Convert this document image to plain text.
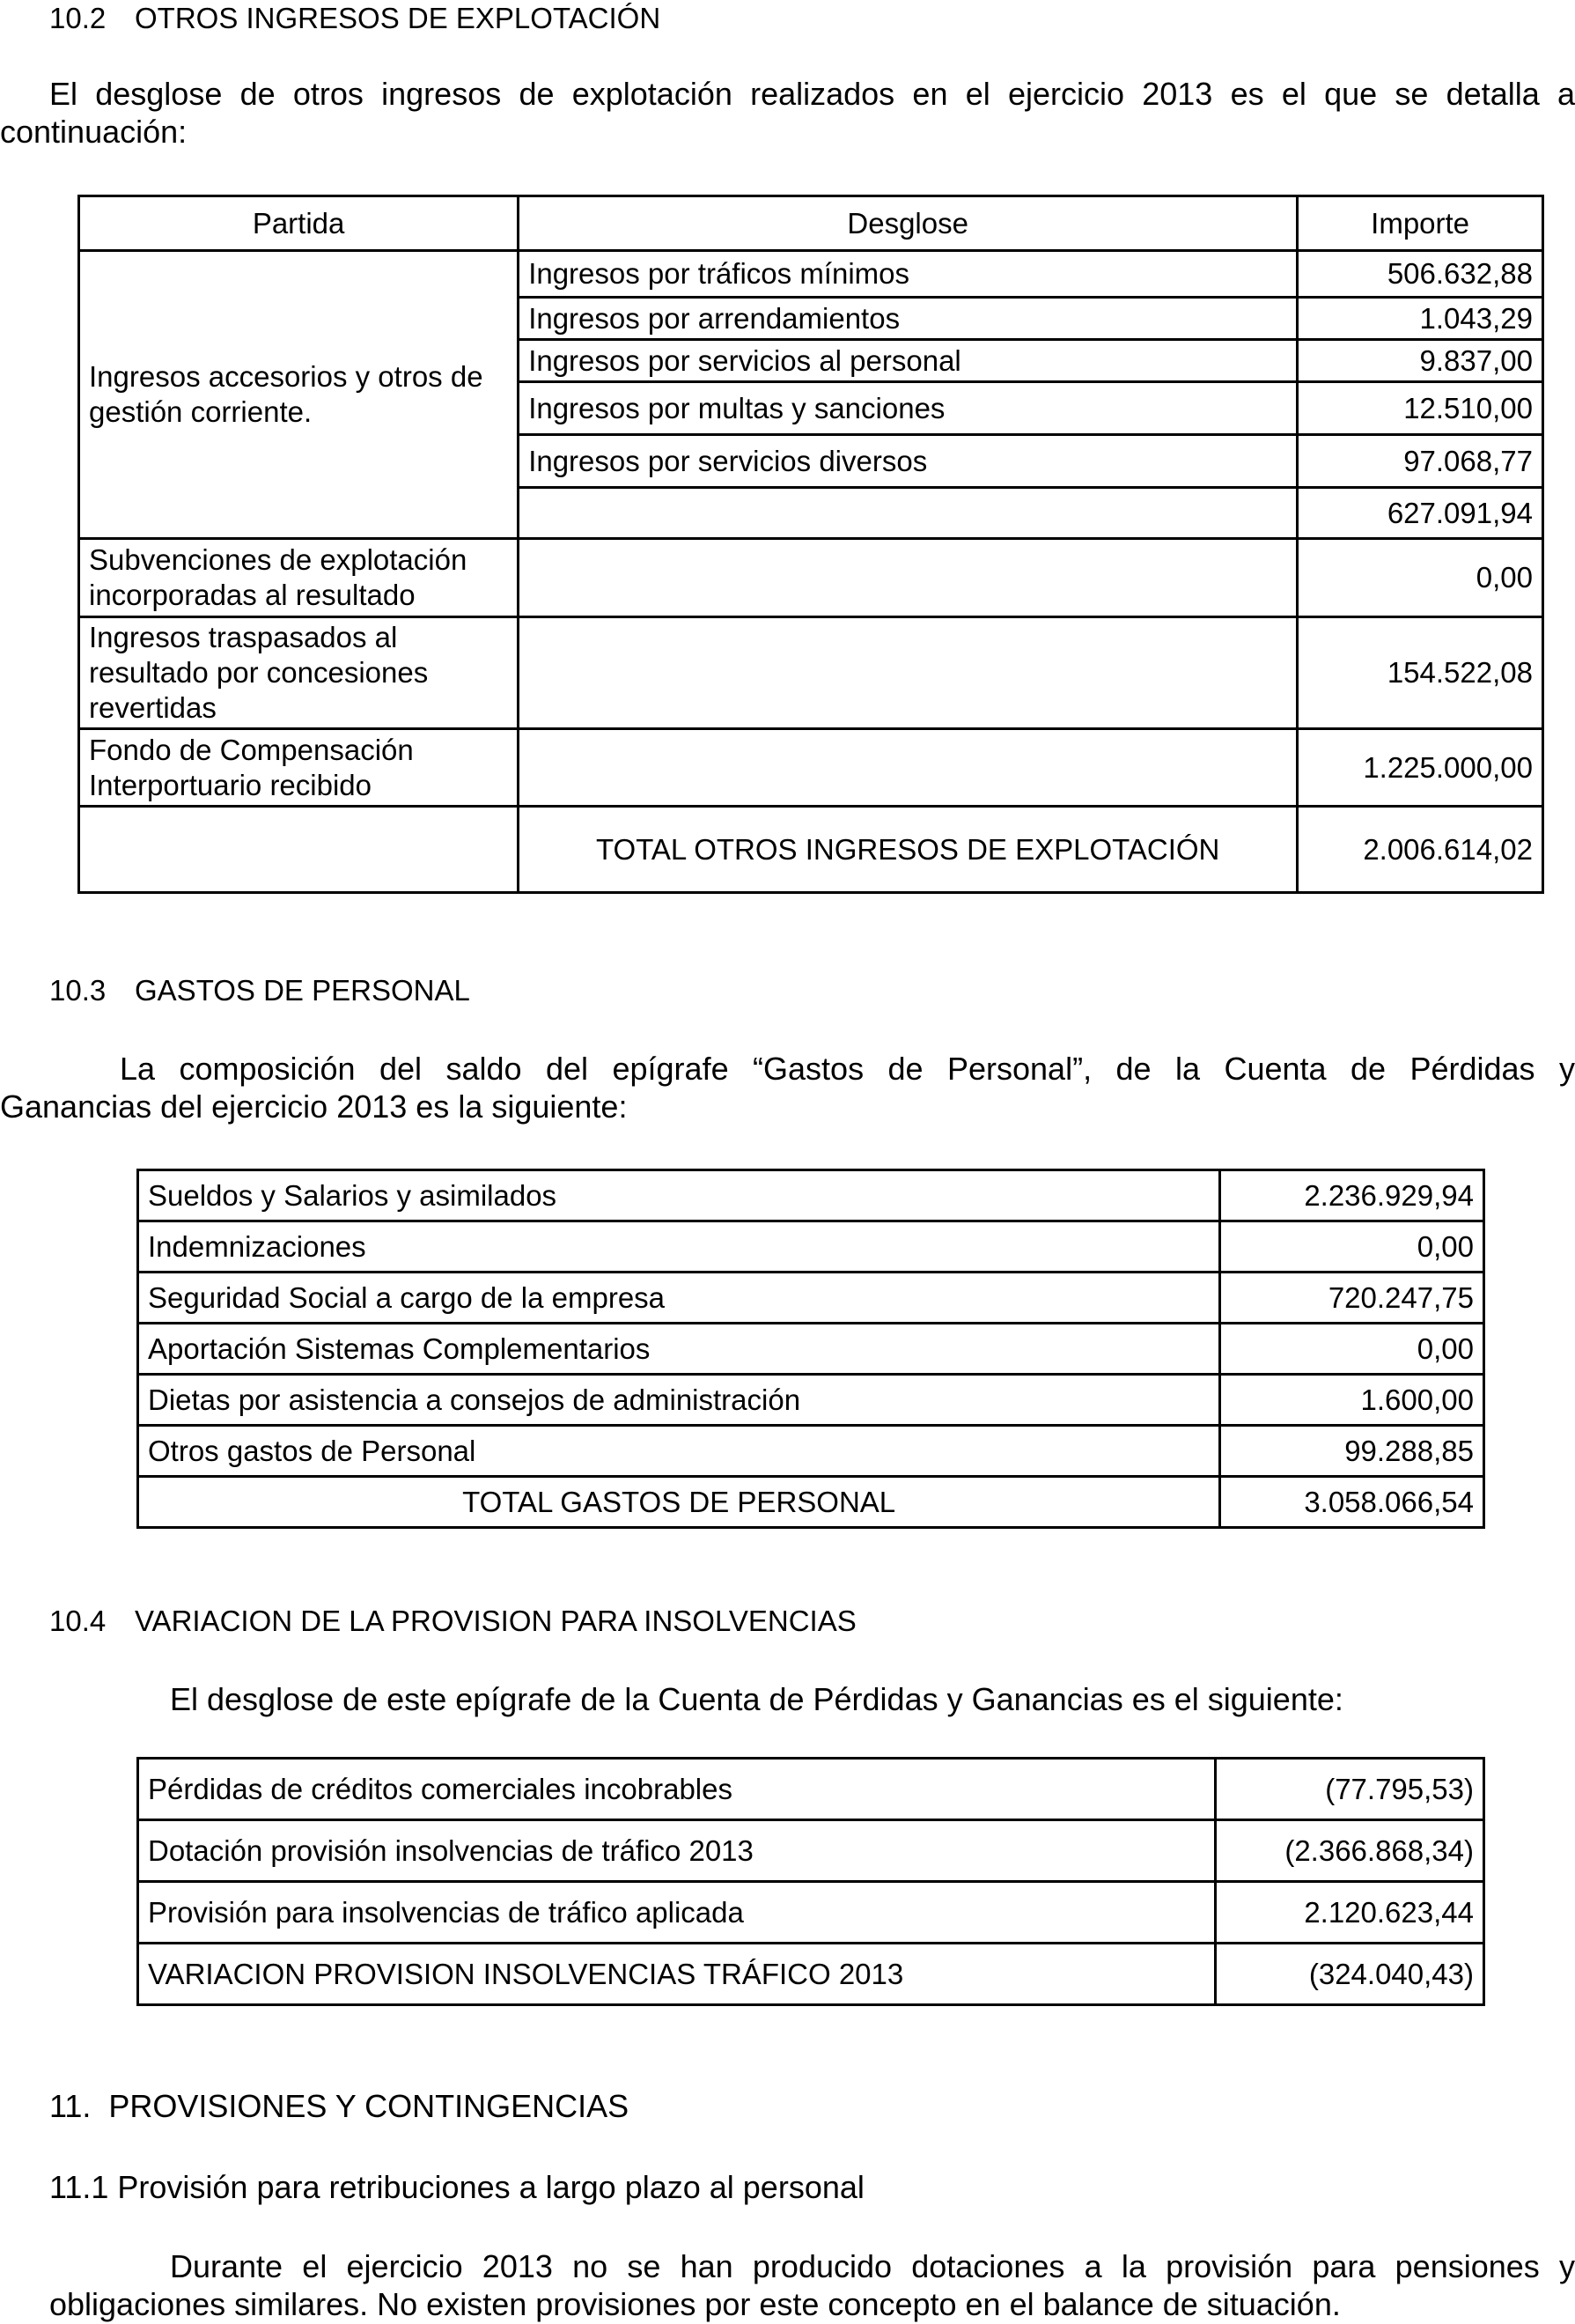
10.2 OTROS INGRESOS DE EXPLOTACIÓN
El desglose de otros ingresos de explotación realizados en el ejercicio 2013 es el que se detalla a
continuación:
Partida	Desglose	Importe
Ingresos accesorios y otros de gestión corriente.	Ingresos por tráficos mínimos	506.632,88
	Ingresos por arrendamientos	1.043,29
	Ingresos por servicios al personal	9.837,00
	Ingresos por multas y sanciones	12.510,00
	Ingresos por servicios diversos	97.068,77
		627.091,94
Subvenciones de explotación incorporadas al resultado		0,00
Ingresos traspasados al resultado por concesiones revertidas		154.522,08
Fondo de Compensación Interportuario recibido		1.225.000,00
	TOTAL OTROS INGRESOS DE EXPLOTACIÓN	2.006.614,02
10.3 GASTOS DE PERSONAL
La composición del saldo del epígrafe “Gastos de Personal”, de la Cuenta de Pérdidas y
Ganancias del ejercicio 2013 es la siguiente:
Sueldos y Salarios y asimilados	2.236.929,94
Indemnizaciones	0,00
Seguridad Social a cargo de la empresa	720.247,75
Aportación Sistemas Complementarios	0,00
Dietas por asistencia a consejos de administración	1.600,00
Otros gastos de Personal	99.288,85
TOTAL GASTOS DE PERSONAL	3.058.066,54
10.4 VARIACION DE LA PROVISION PARA INSOLVENCIAS
El desglose de este epígrafe de la Cuenta de Pérdidas y Ganancias es el siguiente:
Pérdidas de créditos comerciales incobrables	(77.795,53)
Dotación provisión insolvencias de tráfico 2013	(2.366.868,34)
Provisión para insolvencias de tráfico aplicada	2.120.623,44
VARIACION PROVISION INSOLVENCIAS TRÁFICO 2013	(324.040,43)
11.  PROVISIONES Y CONTINGENCIAS
11.1 Provisión para retribuciones a largo plazo al personal
Durante el ejercicio 2013 no se han producido dotaciones a la provisión para pensiones y
obligaciones similares. No existen provisiones por este concepto en el balance de situación.
